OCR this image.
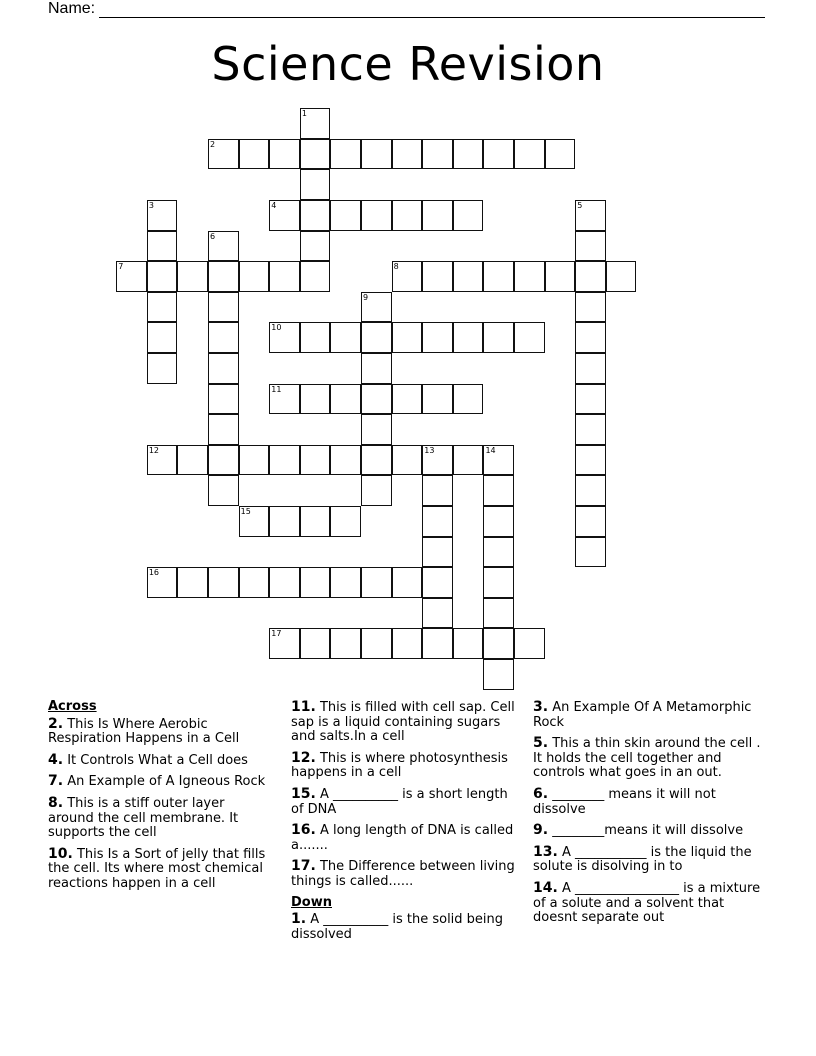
Name:
Science Revision
1
2
3	4	5
6
7	8
9
10
11
12	13	14
15
16
17
Across
2. This Is Where Aerobic Respiration Happens in a Cell
4. It Controls What a Cell does
7. An Example of A Igneous Rock
8. This is a stiff outer layer around the cell membrane. It supports the cell
10. This Is a Sort of jelly that fills the cell. Its where most chemical reactions happen in a cell
11. This is filled with cell sap. Cell sap is a liquid containing sugars and salts.In a cell
12. This is where photosynthesis happens in a cell
15. A __________ is a short length of DNA
16. A long length of DNA is called a.......
17. The Difference between living things is called......
Down
1. A __________ is the solid being dissolved
3. An Example Of A Metamorphic Rock
5. This a thin skin around the cell . It holds the cell together and controls what goes in an out.
6. ________ means it will not dissolve
9. ________means it will dissolve
13. A ___________ is the liquid the solute is disolving in to
14. A ________________ is a mixture of a solute and a solvent that doesnt separate out
